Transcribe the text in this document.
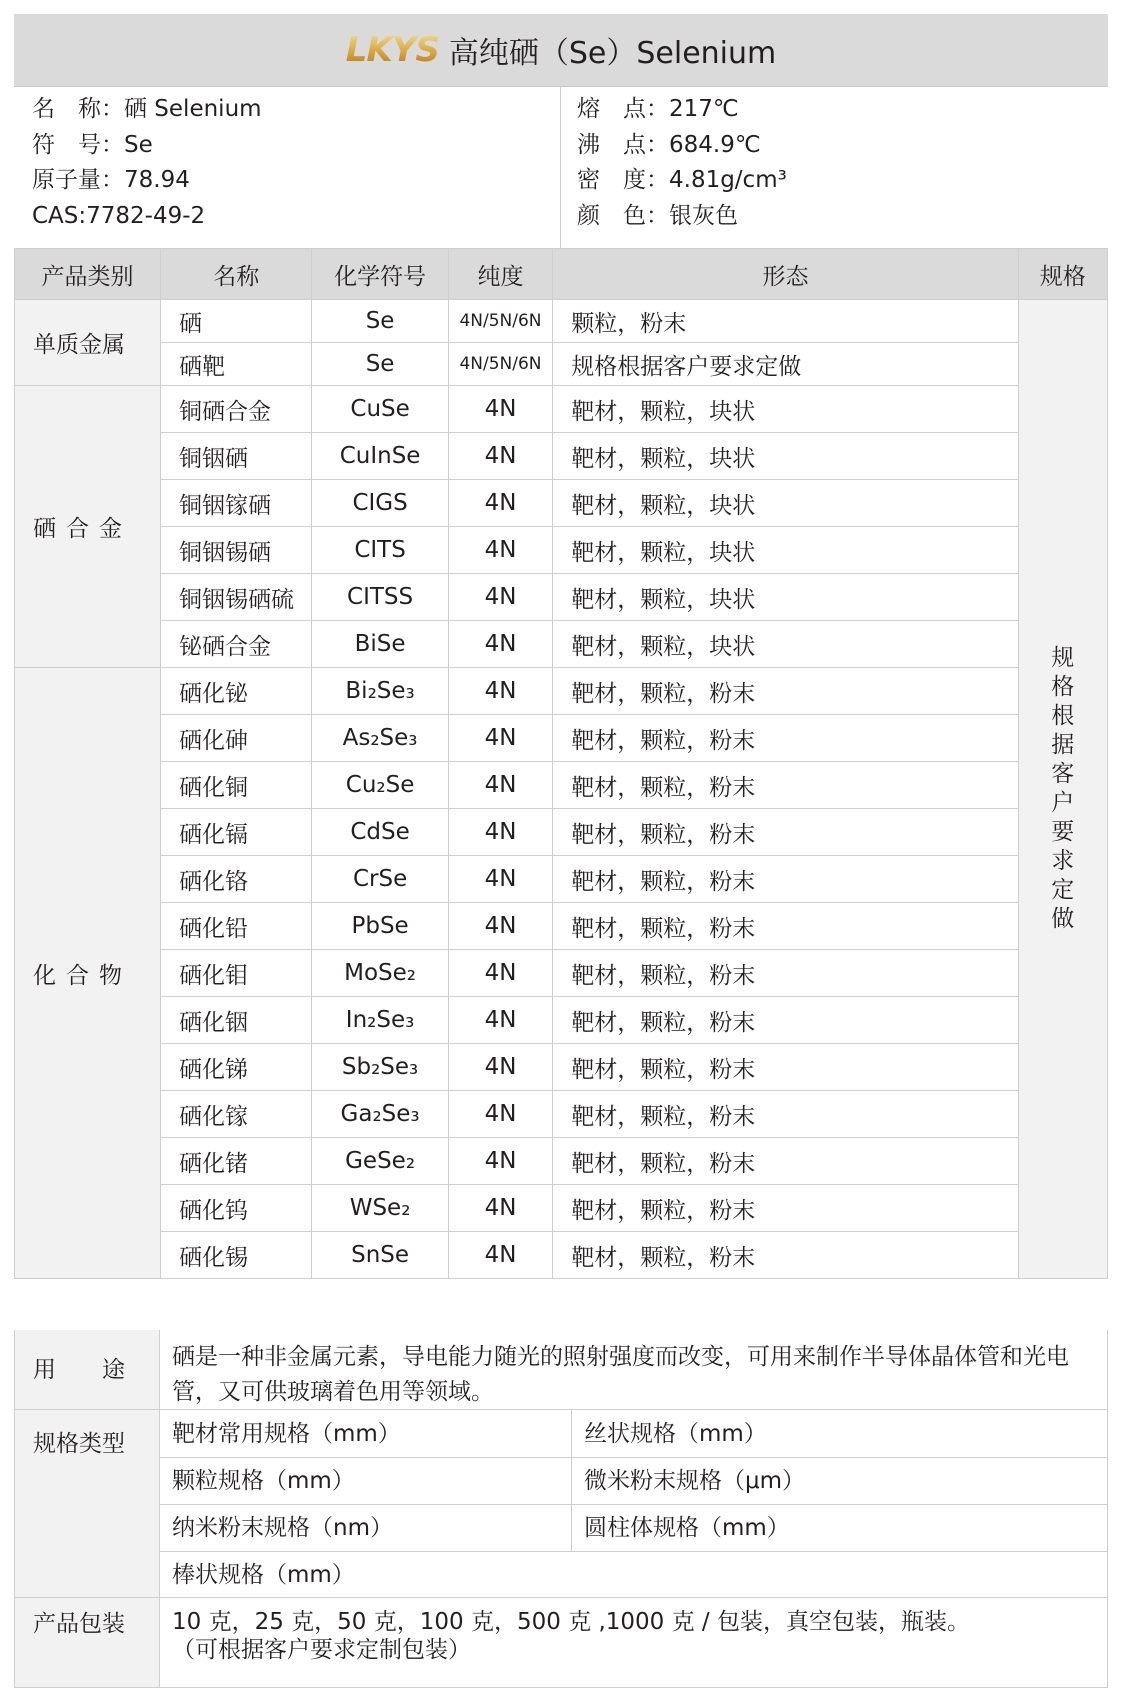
LKYS 高纯硒（Se）Selenium
名　称：硒 Selenium
符　号：Se
原子量：78.94
CAS:7782-49-2
熔　点：217℃
沸　点：684.9℃
密　度：4.81g/cm³
颜　色：银灰色
产品类别	名称	化学符号	纯度	形态	规格
单质金属	硒	Se	4N/5N/6N	颗粒，粉末	规格根据客户要求定做
	硒靶	Se	4N/5N/6N	规格根据客户要求定做	
硒合金	铜硒合金	CuSe	4N	靶材，颗粒，块状	
	铜铟硒	CuInSe	4N	靶材，颗粒，块状	
	铜铟镓硒	CIGS	4N	靶材，颗粒，块状	
	铜铟锡硒	CITS	4N	靶材，颗粒，块状	
	铜铟锡硒硫	CITSS	4N	靶材，颗粒，块状	
	铋硒合金	BiSe	4N	靶材，颗粒，块状	
化合物	硒化铋	Bi₂Se₃	4N	靶材，颗粒，粉末	
	硒化砷	As₂Se₃	4N	靶材，颗粒，粉末	
	硒化铜	Cu₂Se	4N	靶材，颗粒，粉末	
	硒化镉	CdSe	4N	靶材，颗粒，粉末	
	硒化铬	CrSe	4N	靶材，颗粒，粉末	
	硒化铅	PbSe	4N	靶材，颗粒，粉末	
	硒化钼	MoSe₂	4N	靶材，颗粒，粉末	
	硒化铟	In₂Se₃	4N	靶材，颗粒，粉末	
	硒化锑	Sb₂Se₃	4N	靶材，颗粒，粉末	
	硒化镓	Ga₂Se₃	4N	靶材，颗粒，粉末	
	硒化锗	GeSe₂	4N	靶材，颗粒，粉末	
	硒化钨	WSe₂	4N	靶材，颗粒，粉末	
	硒化锡	SnSe	4N	靶材，颗粒，粉末	
用　　途	硒是一种非金属元素，导电能力随光的照射强度而改变，可用来制作半导体晶体管和光电管，又可供玻璃着色用等领域。
规格类型	靶材常用规格（mm）	丝状规格（mm）
颗粒规格（mm）	微米粉末规格（μm）
纳米粉末规格（nm）	圆柱体规格（mm）
棒状规格（mm）
产品包装	10 克，25 克，50 克，100 克，500 克 ,1000 克 / 包装，真空包装，瓶装。
（可根据客户要求定制包装）
